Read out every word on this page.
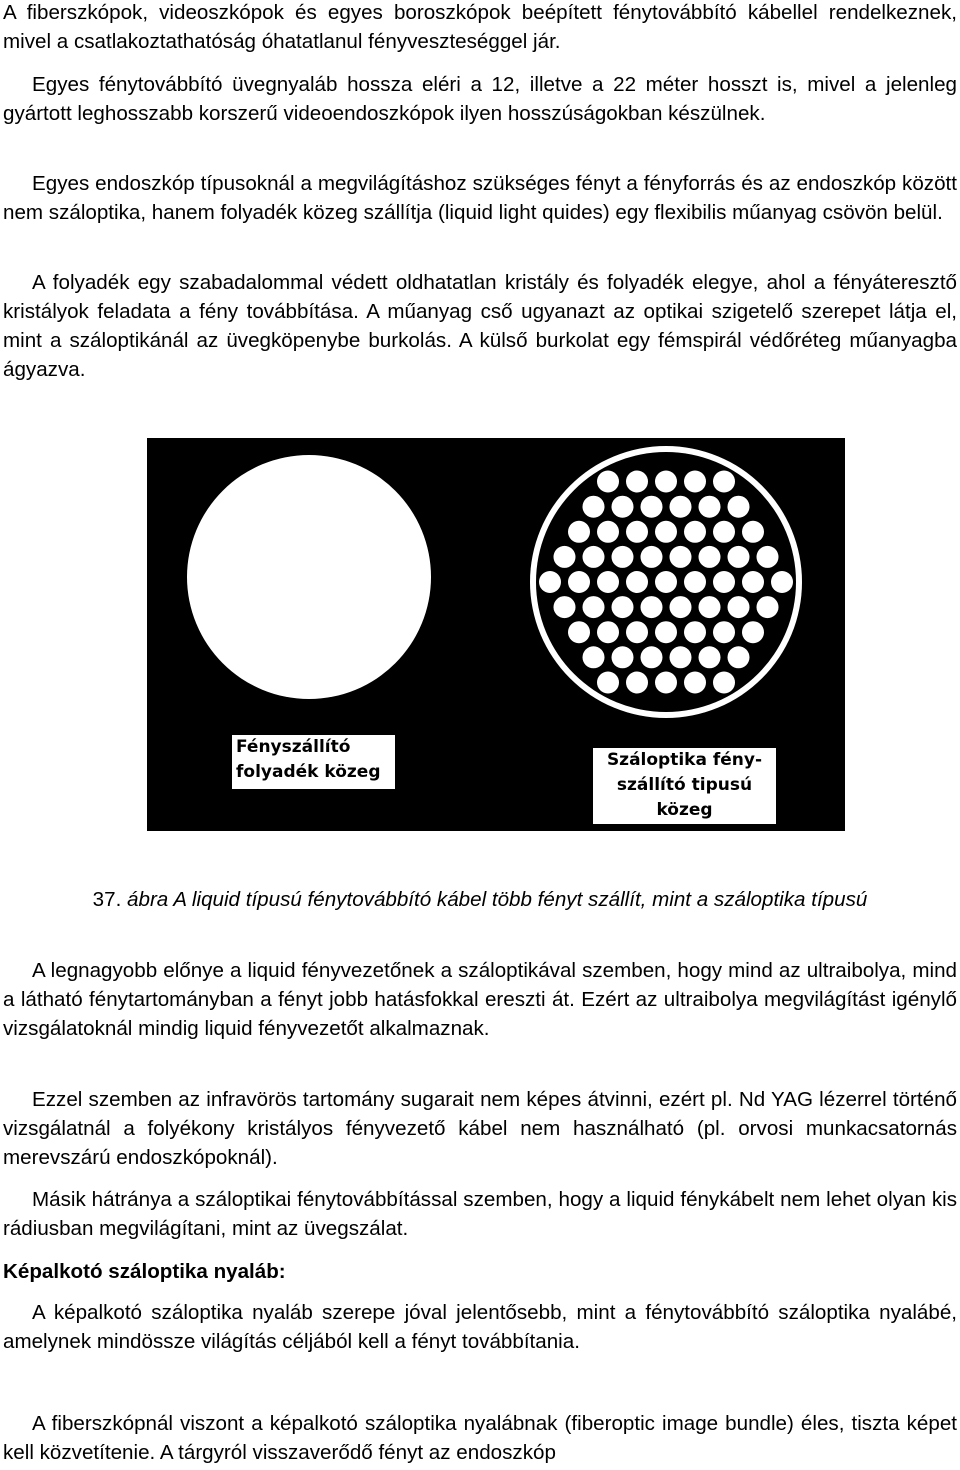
A fiberszkópok, videoszkópok és egyes boroszkópok beépített fénytovábbító kábellel rendelkeznek, mivel a csatlakoztathatóság óhatatlanul fényveszteséggel jár.

Egyes fénytovábbító üvegnyaláb hossza eléri a 12, illetve a 22 méter hosszt is, mivel a jelenleg gyártott leghosszabb korszerű videoendoszkópok ilyen hosszúságokban készülnek.

Egyes endoszkóp típusoknál a megvilágításhoz szükséges fényt a fényforrás és az endoszkóp között nem száloptika, hanem folyadék közeg szállítja (liquid light quides) egy flexibilis műanyag csövön belül.

A folyadék egy szabadalommal védett oldhatatlan kristály és folyadék elegye, ahol a fényáteresztő kristályok feladata a fény továbbítása. A műanyag cső ugyanazt az optikai szigetelő szerepet látja el, mint a száloptikánál az üvegköpenybe burkolás. A külső burkolat egy fémspirál védőréteg műanyagba ágyazva.

Fényszállító folyadék közeg
Száloptika fény-szállító tipusú közeg
37. ábra A liquid típusú fénytovábbító kábel több fényt szállít, mint a száloptika típusú

A legnagyobb előnye a liquid fényvezetőnek a száloptikával szemben, hogy mind az ultraibolya, mind a látható fénytartományban a fényt jobb hatásfokkal ereszti át. Ezért az ultraibolya megvilágítást igénylő vizsgálatoknál mindig liquid fényvezetőt alkalmaznak.

Ezzel szemben az infravörös tartomány sugarait nem képes átvinni, ezért pl. Nd YAG lézerrel történő vizsgálatnál a folyékony kristályos fényvezető kábel nem használható (pl. orvosi munkacsatornás merevszárú endoszkópoknál).

Másik hátránya a száloptikai fénytovábbítással szemben, hogy a liquid fénykábelt nem lehet olyan kis rádiusban megvilágítani, mint az üvegszálat.

Képalkotó száloptika nyaláb:

A képalkotó száloptika nyaláb szerepe jóval jelentősebb, mint a fénytovábbító száloptika nyalábé, amelynek mindössze világítás céljából kell a fényt továbbítania.

A fiberszkópnál viszont a képalkotó száloptika nyalábnak (fiberoptic image bundle) éles, tiszta képet kell közvetítenie. A tárgyról visszaverődő fényt az endoszkóp
